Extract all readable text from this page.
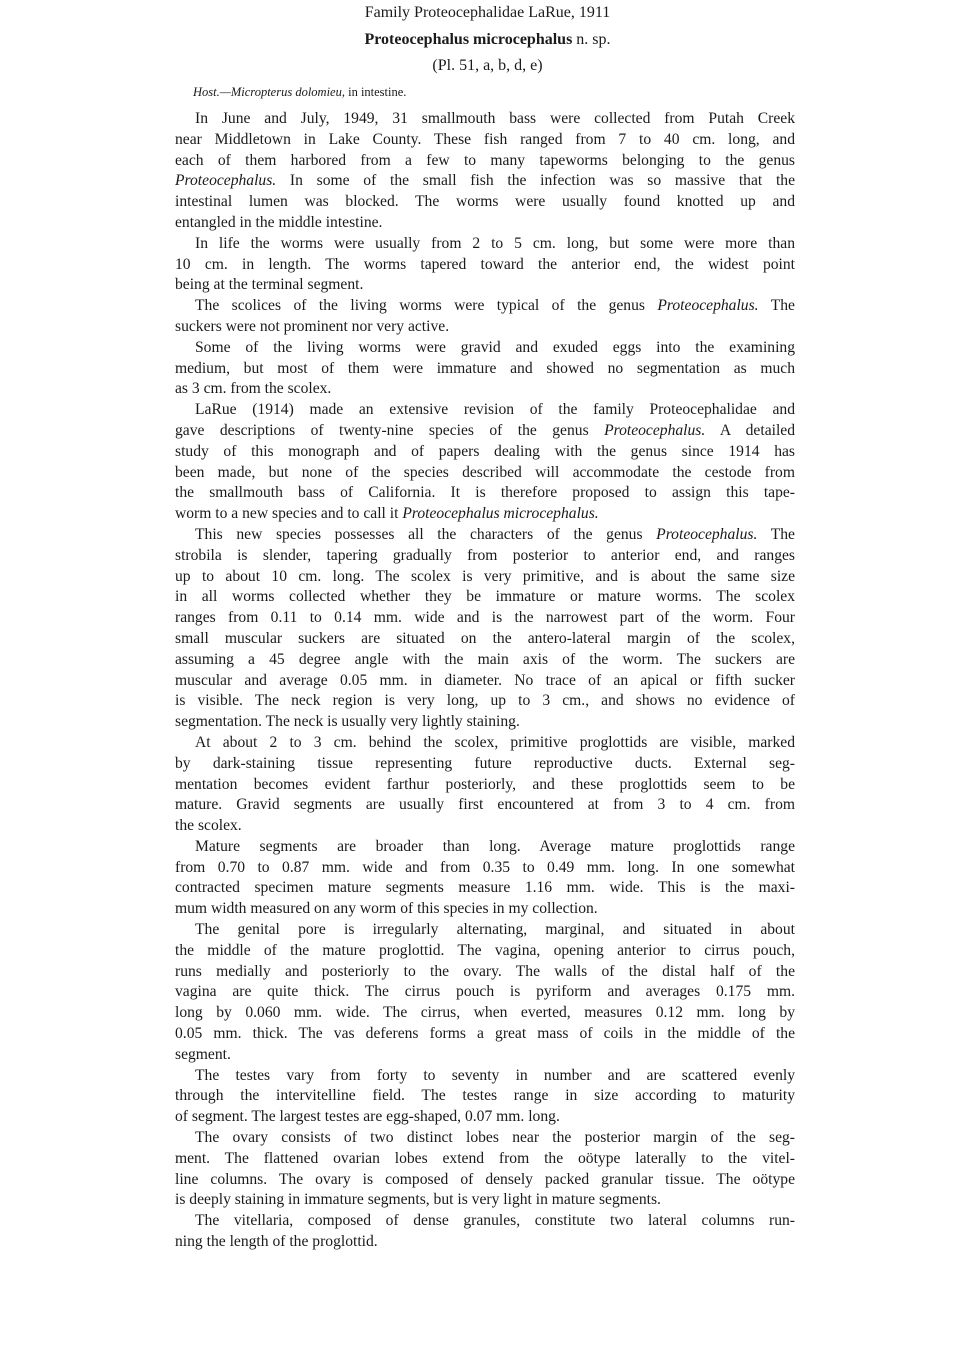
Family Proteocephalidae LaRue, 1911
Proteocephalus microcephalus n. sp.
(Pl. 51, a, b, d, e)
Host.—Micropterus dolomieu, in intestine.
In June and July, 1949, 31 smallmouth bass were collected from Putah Creek
near Middletown in Lake County. These fish ranged from 7 to 40 cm. long, and
each of them harbored from a few to many tapeworms belonging to the genus
Proteocephalus. In some of the small fish the infection was so massive that the
intestinal lumen was blocked. The worms were usually found knotted up and
entangled in the middle intestine.
In life the worms were usually from 2 to 5 cm. long, but some were more than
10 cm. in length. The worms tapered toward the anterior end, the widest point
being at the terminal segment.
The scolices of the living worms were typical of the genus Proteocephalus. The
suckers were not prominent nor very active.
Some of the living worms were gravid and exuded eggs into the examining
medium, but most of them were immature and showed no segmentation as much
as 3 cm. from the scolex.
LaRue (1914) made an extensive revision of the family Proteocephalidae and
gave descriptions of twenty-nine species of the genus Proteocephalus. A detailed
study of this monograph and of papers dealing with the genus since 1914 has
been made, but none of the species described will accommodate the cestode from
the smallmouth bass of California. It is therefore proposed to assign this tape-
worm to a new species and to call it Proteocephalus microcephalus.
This new species possesses all the characters of the genus Proteocephalus. The
strobila is slender, tapering gradually from posterior to anterior end, and ranges
up to about 10 cm. long. The scolex is very primitive, and is about the same size
in all worms collected whether they be immature or mature worms. The scolex
ranges from 0.11 to 0.14 mm. wide and is the narrowest part of the worm. Four
small muscular suckers are situated on the antero-lateral margin of the scolex,
assuming a 45 degree angle with the main axis of the worm. The suckers are
muscular and average 0.05 mm. in diameter. No trace of an apical or fifth sucker
is visible. The neck region is very long, up to 3 cm., and shows no evidence of
segmentation. The neck is usually very lightly staining.
At about 2 to 3 cm. behind the scolex, primitive proglottids are visible, marked
by dark-staining tissue representing future reproductive ducts. External seg-
mentation becomes evident farthur posteriorly, and these proglottids seem to be
mature. Gravid segments are usually first encountered at from 3 to 4 cm. from
the scolex.
Mature segments are broader than long. Average mature proglottids range
from 0.70 to 0.87 mm. wide and from 0.35 to 0.49 mm. long. In one somewhat
contracted specimen mature segments measure 1.16 mm. wide. This is the maxi-
mum width measured on any worm of this species in my collection.
The genital pore is irregularly alternating, marginal, and situated in about
the middle of the mature proglottid. The vagina, opening anterior to cirrus pouch,
runs medially and posteriorly to the ovary. The walls of the distal half of the
vagina are quite thick. The cirrus pouch is pyriform and averages 0.175 mm.
long by 0.060 mm. wide. The cirrus, when everted, measures 0.12 mm. long by
0.05 mm. thick. The vas deferens forms a great mass of coils in the middle of the
segment.
The testes vary from forty to seventy in number and are scattered evenly
through the intervitelline field. The testes range in size according to maturity
of segment. The largest testes are egg-shaped, 0.07 mm. long.
The ovary consists of two distinct lobes near the posterior margin of the seg-
ment. The flattened ovarian lobes extend from the oötype laterally to the vitel-
line columns. The ovary is composed of densely packed granular tissue. The oötype
is deeply staining in immature segments, but is very light in mature segments.
The vitellaria, composed of dense granules, constitute two lateral columns run-
ning the length of the proglottid.
